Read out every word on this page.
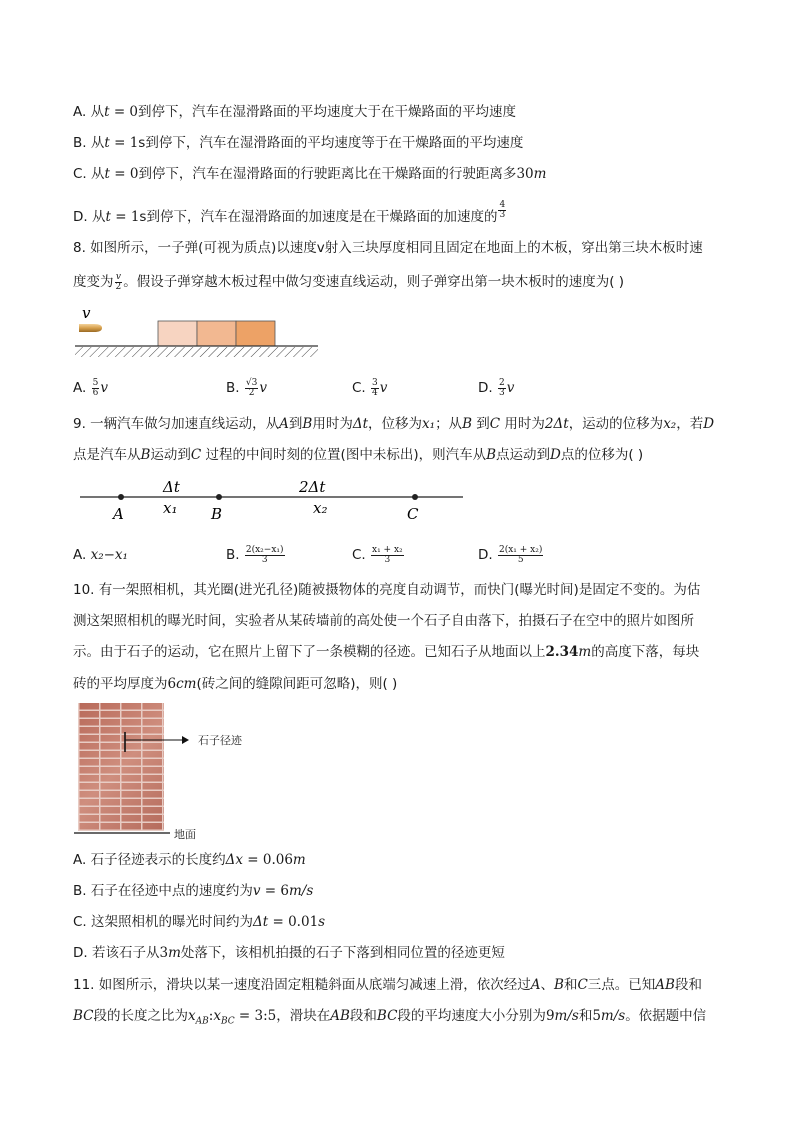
A. 从t = 0到停下，汽车在湿滑路面的平均速度大于在干燥路面的平均速度
B. 从t = 1s到停下，汽车在湿滑路面的平均速度等于在干燥路面的平均速度
C. 从t = 0到停下，汽车在湿滑路面的行驶距离比在干燥路面的行驶距离多30m
D. 从t = 1s到停下，汽车在湿滑路面的加速度是在干燥路面的加速度的 $\frac{4}{3}$
8. 如图所示，一子弹(可视为质点)以速度v射入三块厚度相同且固定在地面上的木板，穿出第三块木板时速
度变为 $\frac{v}{2}$ 。假设子弹穿越木板过程中做匀变速直线运动，则子弹穿出第一块木板时的速度为( )
v
A. $\frac{5}{6}$ v	B. $\frac{√3}{2}$ v	C. $\frac{3}{4}$ v	D. $\frac{2}{3}$ v
9. 一辆汽车做匀加速直线运动，从A到B用时为Δt，位移为x₁；从B 到C 用时为2Δt，运动的位移为x₂，若D
点是汽车从B运动到C 过程的中间时刻的位置(图中未标出)，则汽车从B点运动到D点的位移为( )
Δt	2Δt
x₁	x₂
A	B	C
A. x₂−x₁	B. $\frac{\text{2(x₂−x₁)}}{3}$	C. $\frac{\text{x₁ + x₂}}{3}$	D. $\frac{\text{2(x₁ + x₂)}}{5}$
10. 有一架照相机，其光圈(进光孔径)随被摄物体的亮度自动调节，而快门(曝光时间)是固定不变的。为估
测这架照相机的曝光时间，实验者从某砖墙前的高处使一个石子自由落下，拍摄石子在空中的照片如图所
示。由于石子的运动，它在照片上留下了一条模糊的径迹。已知石子从地面以上2.34m的高度下落，每块
砖的平均厚度为6cm(砖之间的缝隙间距可忽略)，则( )
石子径迹
地面
A. 石子径迹表示的长度约Δx = 0.06m
B. 石子在径迹中点的速度约为v = 6m/s
C. 这架照相机的曝光时间约为Δt = 0.01s
D. 若该石子从3m处落下，该相机拍摄的石子下落到相同位置的径迹更短
11. 如图所示，滑块以某一速度沿固定粗糙斜面从底端匀减速上滑，依次经过A、B和C三点。已知AB段和
BC段的长度之比为$x_{AB}:x_{BC}$ = 3:5，滑块在AB段和BC段的平均速度大小分别为9m/s和5m/s。依据题中信
